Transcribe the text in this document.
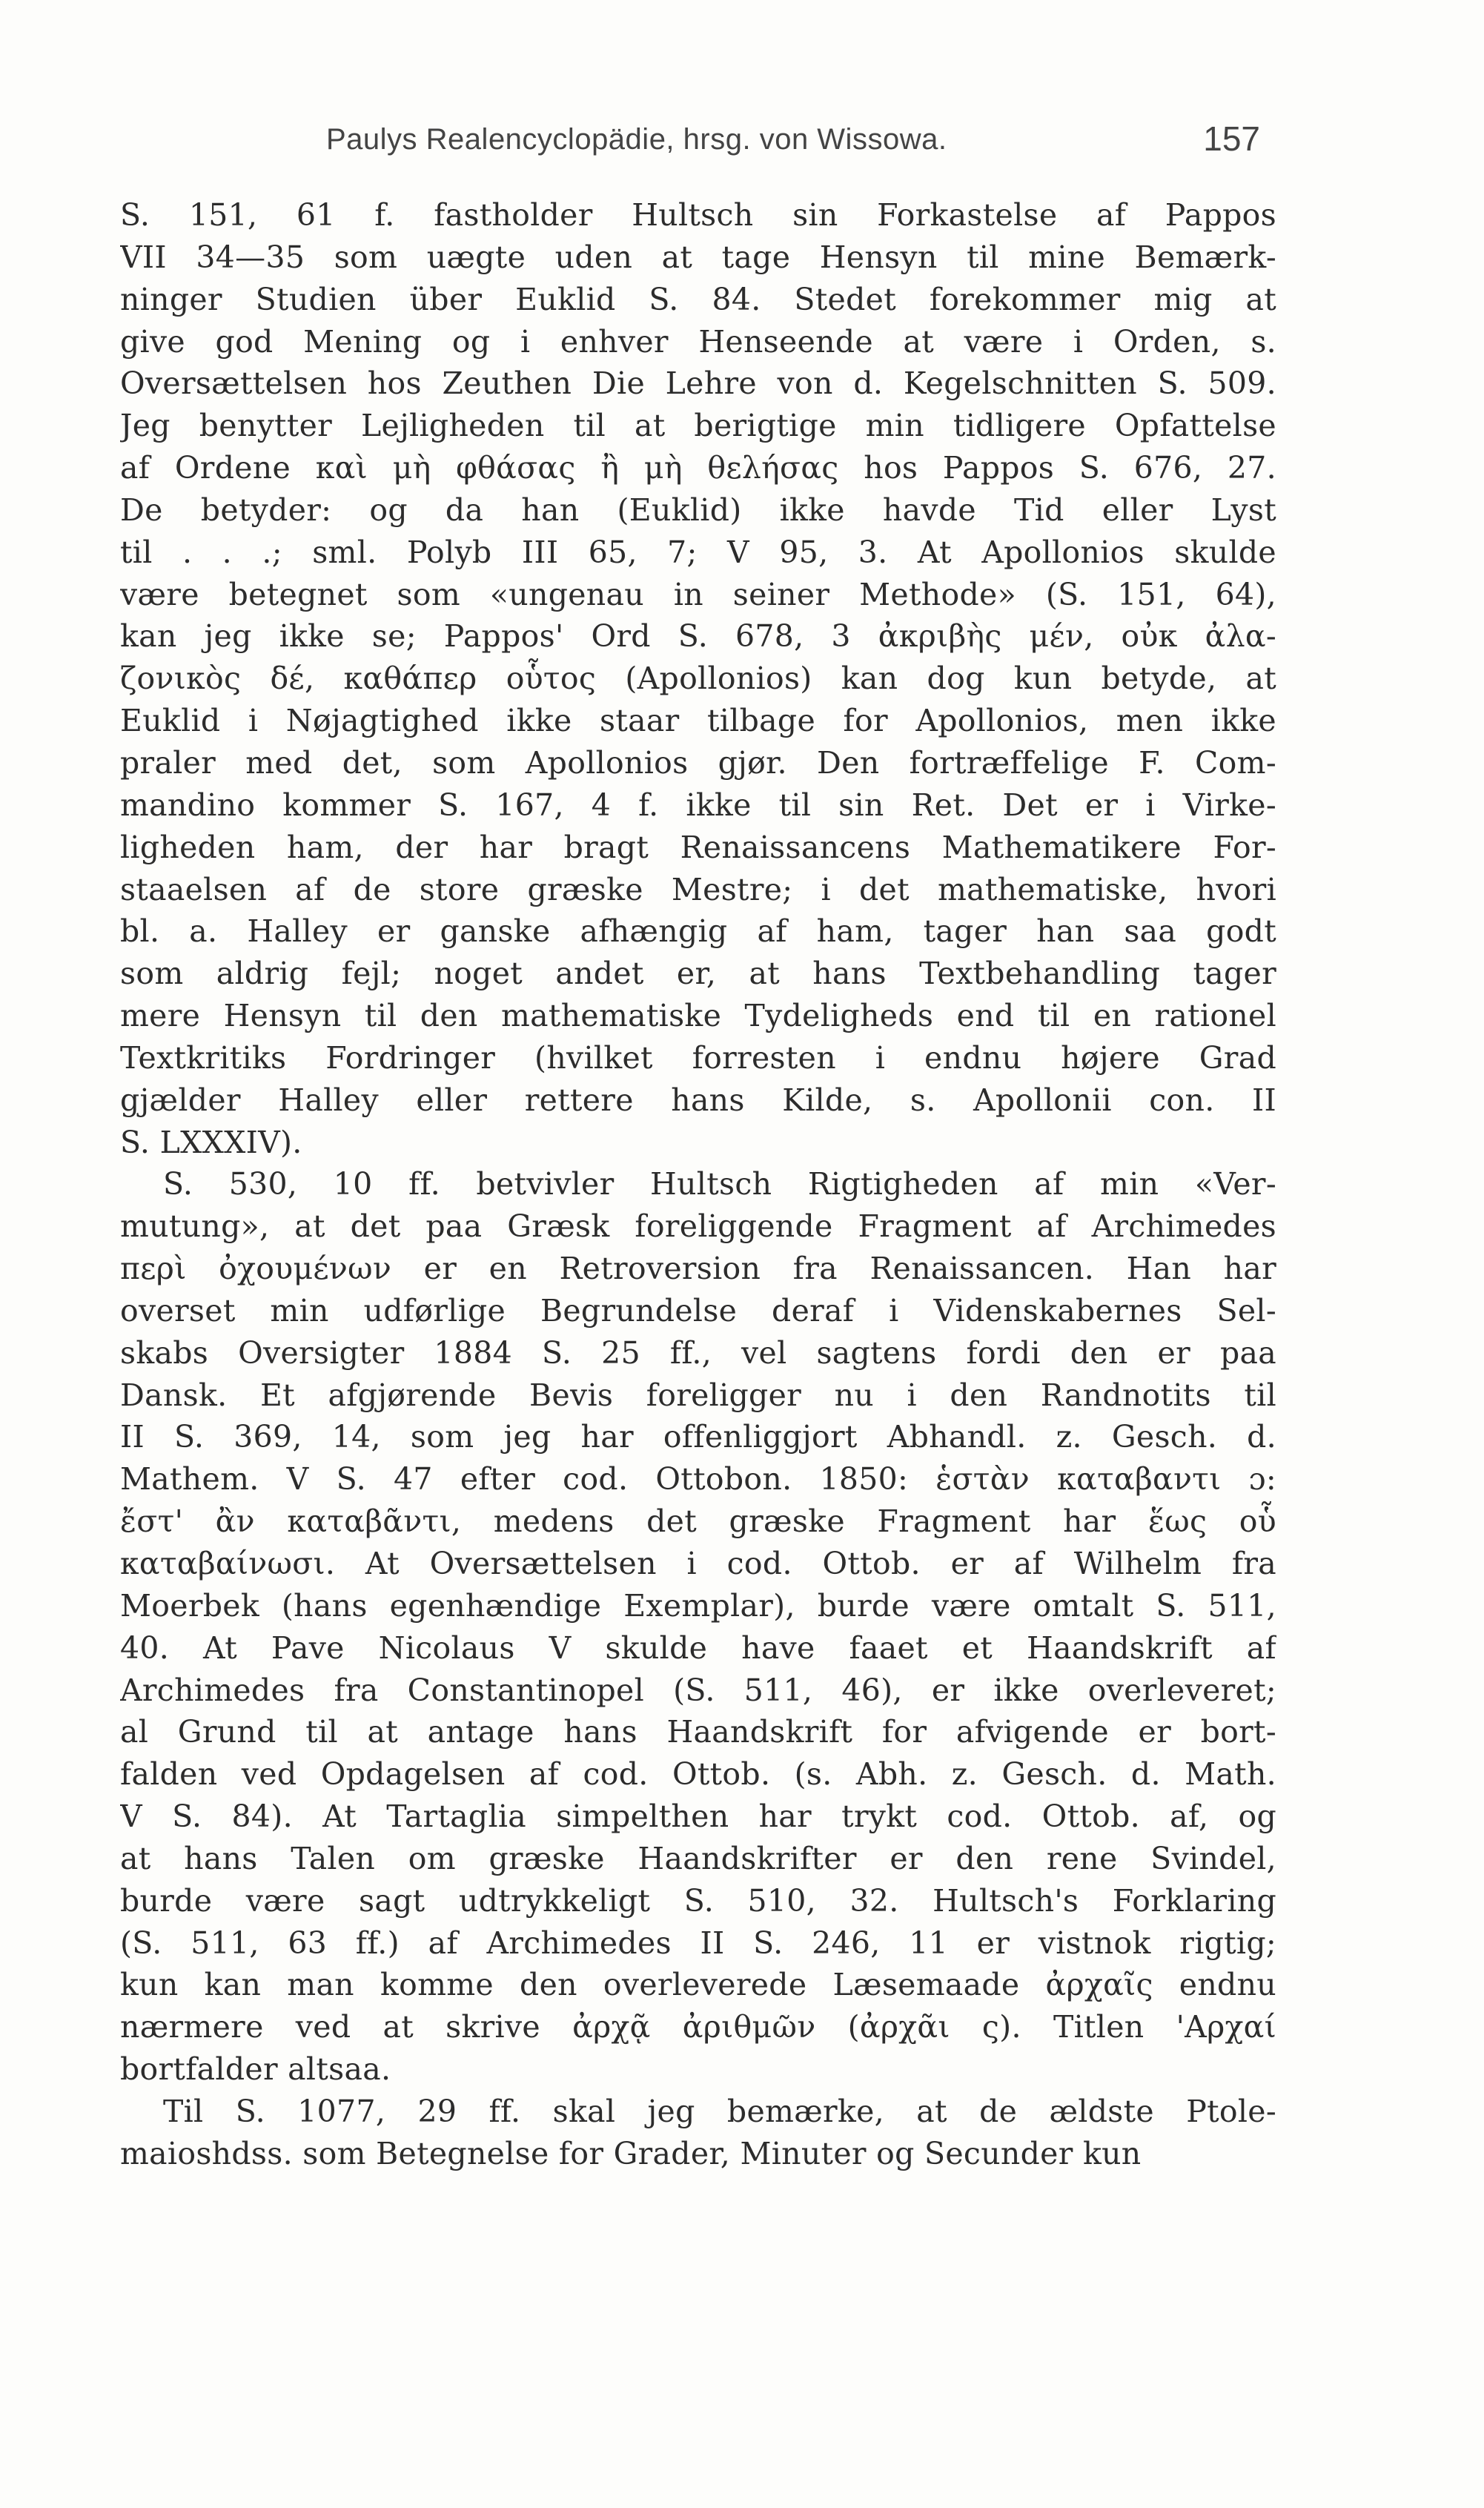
Paulys Realencyclopädie, hrsg. von Wissowa.	157
S. 151, 61 f. fastholder Hultsch sin Forkastelse af Pappos
VII 34—35 som uægte uden at tage Hensyn til mine Bemærk-
ninger Studien über Euklid S. 84. Stedet forekommer mig at
give god Mening og i enhver Henseende at være i Orden, s.
Oversættelsen hos Zeuthen Die Lehre von d. Kegelschnitten S. 509.
Jeg benytter Lejligheden til at berigtige min tidligere Opfattelse
af Ordene καὶ μὴ φθάσας ἢ μὴ θελήσας hos Pappos S. 676, 27.
De betyder: og da han (Euklid) ikke havde Tid eller Lyst
til . . .; sml. Polyb III 65, 7; V 95, 3. At Apollonios skulde
være betegnet som «ungenau in seiner Methode» (S. 151, 64),
kan jeg ikke se; Pappos' Ord S. 678, 3 ἀκριβὴς μέν, οὐκ ἀλα-
ζονικὸς δέ, καθάπερ οὗτος (Apollonios) kan dog kun betyde, at
Euklid i Nøjagtighed ikke staar tilbage for Apollonios, men ikke
praler med det, som Apollonios gjør. Den fortræffelige F. Com-
mandino kommer S. 167, 4 f. ikke til sin Ret. Det er i Virke-
ligheden ham, der har bragt Renaissancens Mathematikere For-
staaelsen af de store græske Mestre; i det mathematiske, hvori
bl. a. Halley er ganske afhængig af ham, tager han saa godt
som aldrig fejl; noget andet er, at hans Textbehandling tager
mere Hensyn til den mathematiske Tydeligheds end til en rationel
Textkritiks Fordringer (hvilket forresten i endnu højere Grad
gjælder Halley eller rettere hans Kilde, s. Apollonii con. II
S. LXXXIV).
S. 530, 10 ff. betvivler Hultsch Rigtigheden af min «Ver-
mutung», at det paa Græsk foreliggende Fragment af Archimedes
περὶ ὀχουμένων er en Retroversion fra Renaissancen. Han har
overset min udførlige Begrundelse deraf i Videnskabernes Sel-
skabs Oversigter 1884 S. 25 ff., vel sagtens fordi den er paa
Dansk. Et afgjørende Bevis foreligger nu i den Randnotits til
II S. 369, 14, som jeg har offenliggjort Abhandl. z. Gesch. d.
Mathem. V S. 47 efter cod. Ottobon. 1850: ἑστὰν καταβαντι ɔ:
ἔστ' ἂν καταβᾶντι, medens det græske Fragment har ἕως οὗ
καταβαίνωσι. At Oversættelsen i cod. Ottob. er af Wilhelm fra
Moerbek (hans egenhændige Exemplar), burde være omtalt S. 511,
40. At Pave Nicolaus V skulde have faaet et Haandskrift af
Archimedes fra Constantinopel (S. 511, 46), er ikke overleveret;
al Grund til at antage hans Haandskrift for afvigende er bort-
falden ved Opdagelsen af cod. Ottob. (s. Abh. z. Gesch. d. Math.
V S. 84). At Tartaglia simpelthen har trykt cod. Ottob. af, og
at hans Talen om græske Haandskrifter er den rene Svindel,
burde være sagt udtrykkeligt S. 510, 32. Hultsch's Forklaring
(S. 511, 63 ff.) af Archimedes II S. 246, 11 er vistnok rigtig;
kun kan man komme den overleverede Læsemaade ἀρχαῖς endnu
nærmere ved at skrive ἀρχᾷ ἀριθμῶν (ἀρχᾶι ς). Titlen 'Αρχαί
bortfalder altsaa.
Til S. 1077, 29 ff. skal jeg bemærke, at de ældste Ptole-
maioshdss. som Betegnelse for Grader, Minuter og Secunder kun
